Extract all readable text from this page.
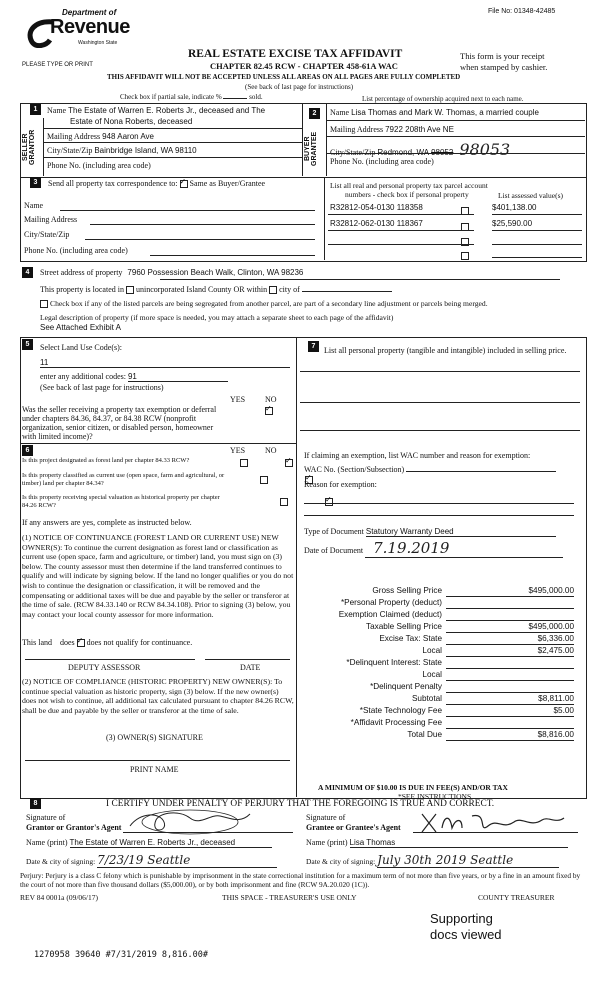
File No: 01348-42485
Department of
Revenue
Washington State
PLEASE TYPE OR PRINT
REAL ESTATE EXCISE TAX AFFIDAVIT
CHAPTER 82.45 RCW - CHAPTER 458-61A WAC
This form is your receipt
when stamped by cashier.
THIS AFFIDAVIT WILL NOT BE ACCEPTED UNLESS ALL AREAS ON ALL PAGES ARE FULLY COMPLETED
(See back of last page for instructions)
Check box if partial sale, indicate %	sold.	List percentage of ownership acquired next to each name.
1
SELLER GRANTOR
Name The Estate of Warren E. Roberts Jr., deceased and The
Estate of Nona Roberts, deceased
Mailing Address 948 Aaron Ave
City/State/Zip Bainbridge Island, WA 98110
Phone No. (including area code)
2
BUYER GRANTEE
Name Lisa Thomas and Mark W. Thomas, a married couple
Mailing Address 7922 208th Ave NE
City/State/Zip Redmond, WA 98052 98053
Phone No. (including area code)
3	Send all property tax correspondence to: ✓ Same as Buyer/Grantee
Name
Mailing Address
City/State/Zip
Phone No. (including area code)
List all real and personal property tax parcel account
numbers - check box if personal property	List assessed value(s)
R32812-054-0130 118358	$401,138.00
R32812-062-0130 118367	$25,590.00
4	Street address of property 7960 Possession Beach Walk, Clinton, WA 98236
This property is located in unincorporated Island County OR within city of
Check box if any of the listed parcels are being segregated from another parcel, are part of a secondary line adjustment or parcels being merged.
Legal description of property (if more space is needed, you may attach a separate sheet to each page of the affidavit)
See Attached Exhibit A
5	Select Land Use Code(s):
11
enter any additional codes: 91
(See back of last page for instructions)
YES NO
Was the seller receiving a property tax exemption or deferral under chapters 84.36, 84.37, or 84.38 RCW (nonprofit organization, senior citizen, or disabled person, homeowner with limited income)?
✓
6	YES NO
Is this project designated as forest land per chapter 84.33 RCW?
✓
Is this property classified as current use (open space, farm and agricultural, or timber) land per chapter 84.34?
✓
Is this property receiving special valuation as historical property per chapter 84.26 RCW?
✓
If any answers are yes, complete as instructed below.
(1) NOTICE OF CONTINUANCE (FOREST LAND OR CURRENT USE) NEW OWNER(S): To continue the current designation as forest land or classification as current use (open space, farm and agriculture, or timber) land, you must sign on (3) below. The county assessor must then determine if the land transferred continues to qualify and will indicate by signing below. If the land no longer qualifies or you do not wish to continue the designation or classification, it will be removed and the compensating or additional taxes will be due and payable by the seller or transferor at the time of sale. (RCW 84.33.140 or RCW 84.34.108). Prior to signing (3) below, you may contact your local county assessor for more information.
This land does ✓ does not qualify for continuance.
DEPUTY ASSESSOR	DATE
(2) NOTICE OF COMPLIANCE (HISTORIC PROPERTY) NEW OWNER(S): To continue special valuation as historic property, sign (3) below. If the new owner(s) does not wish to continue, all additional tax calculated pursuant to chapter 84.26 RCW, shall be due and payable by the seller or transferor at the time of sale.
(3) OWNER(S) SIGNATURE
PRINT NAME
7	List all personal property (tangible and intangible) included in selling price.
If claiming an exemption, list WAC number and reason for exemption:
WAC No. (Section/Subsection)
Reason for exemption:
Type of Document Statutory Warranty Deed
Date of Document 7.19.2019
Gross Selling Price	$495,000.00
*Personal Property (deduct)
Exemption Claimed (deduct)
Taxable Selling Price	$495,000.00
Excise Tax: State	$6,336.00
Local	$2,475.00
*Delinquent Interest: State
Local
*Delinquent Penalty
Subtotal	$8,811.00
*State Technology Fee	$5.00
*Affidavit Processing Fee
Total Due	$8,816.00
A MINIMUM OF $10.00 IS DUE IN FEE(S) AND/OR TAX
*SEE INSTRUCTIONS
8	I CERTIFY UNDER PENALTY OF PERJURY THAT THE FOREGOING IS TRUE AND CORRECT.
Signature of
Grantor or Grantor's Agent
Name (print) The Estate of Warren E. Roberts Jr., deceased
Date & city of signing: 7/23/19 Seattle
Signature of
Grantee or Grantee's Agent
Name (print) Lisa Thomas
Date & city of signing: July 30th 2019 Seattle
Perjury: Perjury is a class C felony which is punishable by imprisonment in the state correctional institution for a maximum term of not more than five years, or by a fine in an amount fixed by the court of not more than five thousand dollars ($5,000.00), or by both imprisonment and fine (RCW 9A.20.020 (1C)).
REV 84 0001a (09/06/17)	THIS SPACE - TREASURER'S USE ONLY	COUNTY TREASURER
Supporting
docs viewed
1270958 39640 #7/31/2019 8,816.00#
